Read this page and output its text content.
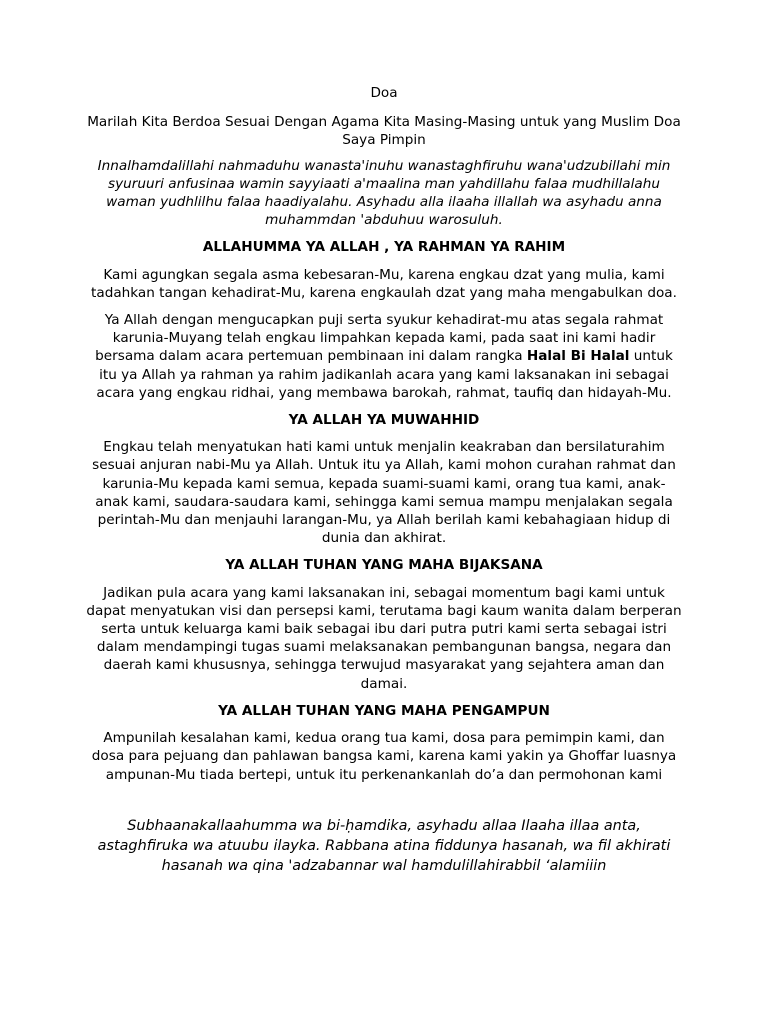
Doa

Marilah Kita Berdoa Sesuai Dengan Agama Kita Masing-Masing untuk yang Muslim Doa Saya Pimpin

Innalhamdalillahi nahmaduhu wanasta'inuhu wanastaghfiruhu wana'udzubillahi min syuruuri anfusinaa wamin sayyiaati a'maalina man yahdillahu falaa mudhillalahu waman yudhlilhu falaa haadiyalahu. Asyhadu alla ilaaha illallah wa asyhadu anna muhammdan 'abduhuu warosuluh.

ALLAHUMMA YA ALLAH , YA RAHMAN YA RAHIM

Kami agungkan segala asma kebesaran-Mu, karena engkau dzat yang mulia, kami tadahkan tangan kehadirat-Mu, karena engkaulah dzat yang maha mengabulkan doa.

Ya Allah dengan mengucapkan puji serta syukur kehadirat-mu atas segala rahmat karunia-Muyang telah engkau limpahkan kepada kami, pada saat ini kami hadir bersama dalam acara pertemuan pembinaan ini dalam rangka Halal Bi Halal untuk itu ya Allah ya rahman ya rahim jadikanlah acara yang kami laksanakan ini sebagai acara yang engkau ridhai, yang membawa barokah, rahmat, taufiq dan hidayah-Mu.

YA ALLAH YA MUWAHHID

Engkau telah menyatukan hati kami untuk menjalin keakraban dan bersilaturahim sesuai anjuran nabi-Mu ya Allah. Untuk itu ya Allah, kami mohon curahan rahmat dan karunia-Mu kepada kami semua, kepada suami-suami kami, orang tua kami, anak- anak kami, saudara-saudara kami, sehingga kami semua mampu menjalakan segala perintah-Mu dan menjauhi larangan-Mu, ya Allah berilah kami kebahagiaan hidup di dunia dan akhirat.

YA ALLAH TUHAN YANG MAHA BIJAKSANA

Jadikan pula acara yang kami laksanakan ini, sebagai momentum bagi kami untuk dapat menyatukan visi dan persepsi kami, terutama bagi kaum wanita dalam berperan serta untuk keluarga kami baik sebagai ibu dari putra putri kami serta sebagai istri dalam mendampingi tugas suami melaksanakan pembangunan bangsa, negara dan daerah kami khususnya, sehingga terwujud masyarakat yang sejahtera aman dan damai.

YA ALLAH TUHAN YANG MAHA PENGAMPUN

Ampunilah kesalahan kami, kedua orang tua kami, dosa para pemimpin kami, dan dosa para pejuang dan pahlawan bangsa kami, karena kami yakin ya Ghoffar luasnya ampunan-Mu tiada bertepi, untuk itu perkenankanlah do’a dan permohonan kami

Subhaanakallaahumma wa bi-ḥamdika, asyhadu allaa Ilaaha illaa anta, astaghfiruka wa atuubu ilayka. Rabbana atina fiddunya hasanah, wa fil akhirati hasanah wa qina 'adzabannar wal hamdulillahirabbil ‘alamiiin
